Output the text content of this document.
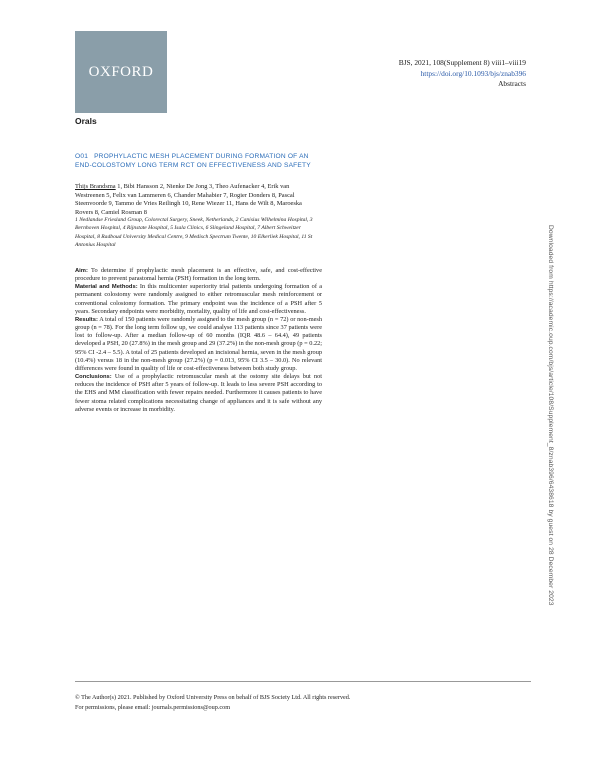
OXFORD
BJS, 2021, 108(Supplement 8) viii1–viii19
https://doi.org/10.1093/bjs/znab396
Abstracts
Orals
O01 PROPHYLACTIC MESH PLACEMENT DURING FORMATION OF AN END-COLOSTOMY LONG TERM RCT ON EFFECTIVENESS AND SAFETY
Thijs Brandsma 1, Bibi Hansson 2, Nienke De Jong 3, Theo Aufenacker 4, Erik van Westreenen 5, Felix van Lammeren 6, Chander Mahabier 7, Rogier Donders 8, Pascal Steenvoorde 9, Tammo de Vries Reilingh 10, Rene Wiezer 11, Hans de Wilt 8, Maroeska Rovers 8, Camiel Rosman 8
1 Nedlandse Friesland Group, Colorectal Surgery, Sneek, Netherlands, 2 Canisius Wilhelmina Hospital, 3 Bernhoven Hospital, 4 Rijnstate Hospital, 5 Isala Clinics, 6 Slingeland Hospital, 7 Albert Schweitzer Hospital, 8 Radboud University Medical Centre, 9 Medisch Spectrum Twente, 10 Elkerliek Hospital, 11 St Antonius Hospital

Aim: To determine if prophylactic mesh placement is an effective, safe, and cost-effective procedure to prevent parastomal hernia (PSH) formation in the long term.

Material and Methods: In this multicenter superiority trial patients undergoing formation of a permanent colostomy were randomly assigned to either retromuscular mesh reinforcement or conventional colostomy formation. The primary endpoint was the incidence of a PSH after 5 years. Secondary endpoints were morbidity, mortality, quality of life and cost-effectiveness.

Results: A total of 150 patients were randomly assigned to the mesh group (n = 72) or non-mesh group (n = 78). For the long term follow up, we could analyse 113 patients since 37 patients were lost to follow-up. After a median follow-up of 60 months (IQR 48.6 – 64.4), 49 patients developed a PSH, 20 (27.8%) in the mesh group and 29 (37.2%) in the non-mesh group (p = 0.22; 95% CI -2.4 – 5.5). A total of 25 patients developed an incisional hernia, seven in the mesh group (10.4%) versus 18 in the non-mesh group (27.2%) (p = 0.013, 95% CI 3.5 – 30.0). No relevant differences were found in quality of life or cost-effectiveness between both study group.

Conclusions: Use of a prophylactic retromuscular mesh at the ostomy site delays but not reduces the incidence of PSH after 5 years of follow-up. It leads to less severe PSH according to the EHS and MM classification with fewer repairs needed. Furthermore it causes patients to have fewer stoma related complications necessitating change of appliances and it is safe without any adverse events or increase in morbidity.

© The Author(s) 2021. Published by Oxford University Press on behalf of BJS Society Ltd. All rights reserved.
For permissions, please email: journals.permissions@oup.com
Downloaded from https://academic.oup.com/bjs/article/108/Supplement_8/znab396/6438618 by guest on 28 December 2023
